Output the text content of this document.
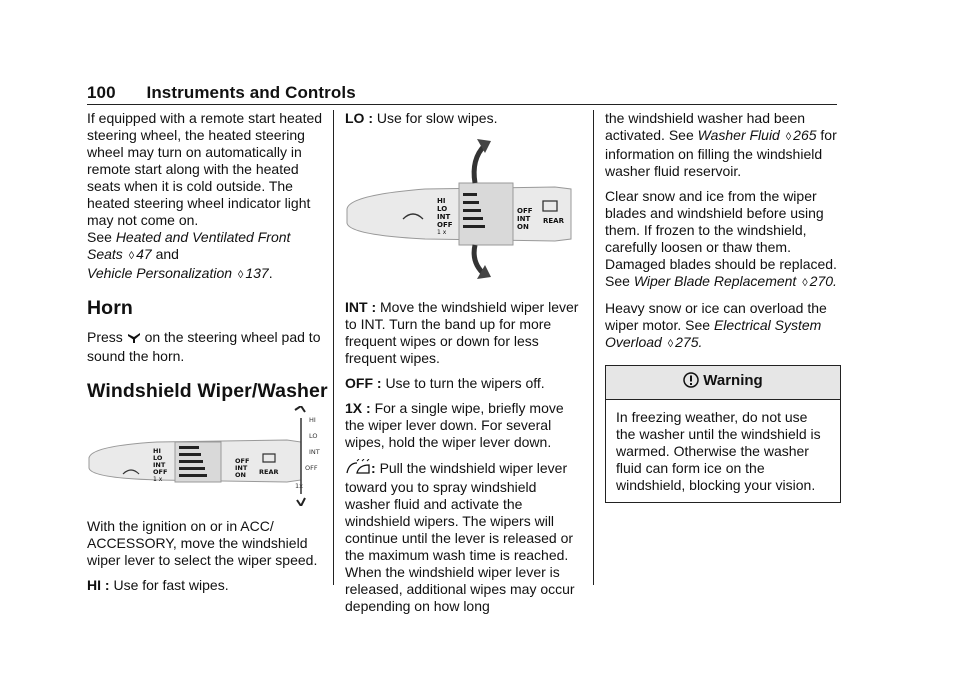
100 Instruments and Controls

If equipped with a remote start heated steering wheel, the heated steering wheel may turn on automatically in remote start along with the heated seats when it is cold outside. The heated steering wheel indicator light may not come on.
See Heated and Ventilated Front Seats ◊ 47 and
Vehicle Personalization ◊ 137.

Horn

Press on the steering wheel pad to sound the horn.

Windshield Wiper/Washer
HI
LO
INT
OFF
1 x
OFF
INT
ON REAR
HI
LO
INT
OFF
1x

With the ignition on or in ACC/ ACCESSORY, move the windshield wiper lever to select the wiper speed.

HI : Use for fast wipes.

LO : Use for slow wipes.

HI
LO
INT
OFF
1 x
OFF
INT
ON
REAR

INT : Move the windshield wiper lever to INT. Turn the band up for more frequent wipes or down for less frequent wipes.

OFF : Use to turn the wipers off.

1X : For a single wipe, briefly move the wiper lever down. For several wipes, hold the wiper lever down.

: Pull the windshield wiper lever toward you to spray windshield washer fluid and activate the windshield wipers. The wipers will continue until the lever is released or the maximum wash time is reached. When the windshield wiper lever is released, additional wipes may occur depending on how long

the windshield washer had been activated. See Washer Fluid ◊ 265 for information on filling the windshield washer fluid reservoir.

Clear snow and ice from the wiper blades and windshield before using them. If frozen to the windshield, carefully loosen or thaw them. Damaged blades should be replaced. See Wiper Blade Replacement ◊ 270.

Heavy snow or ice can overload the wiper motor. See Electrical System Overload ◊ 275.

Warning
In freezing weather, do not use the washer until the windshield is warmed. Otherwise the washer fluid can form ice on the windshield, blocking your vision.
